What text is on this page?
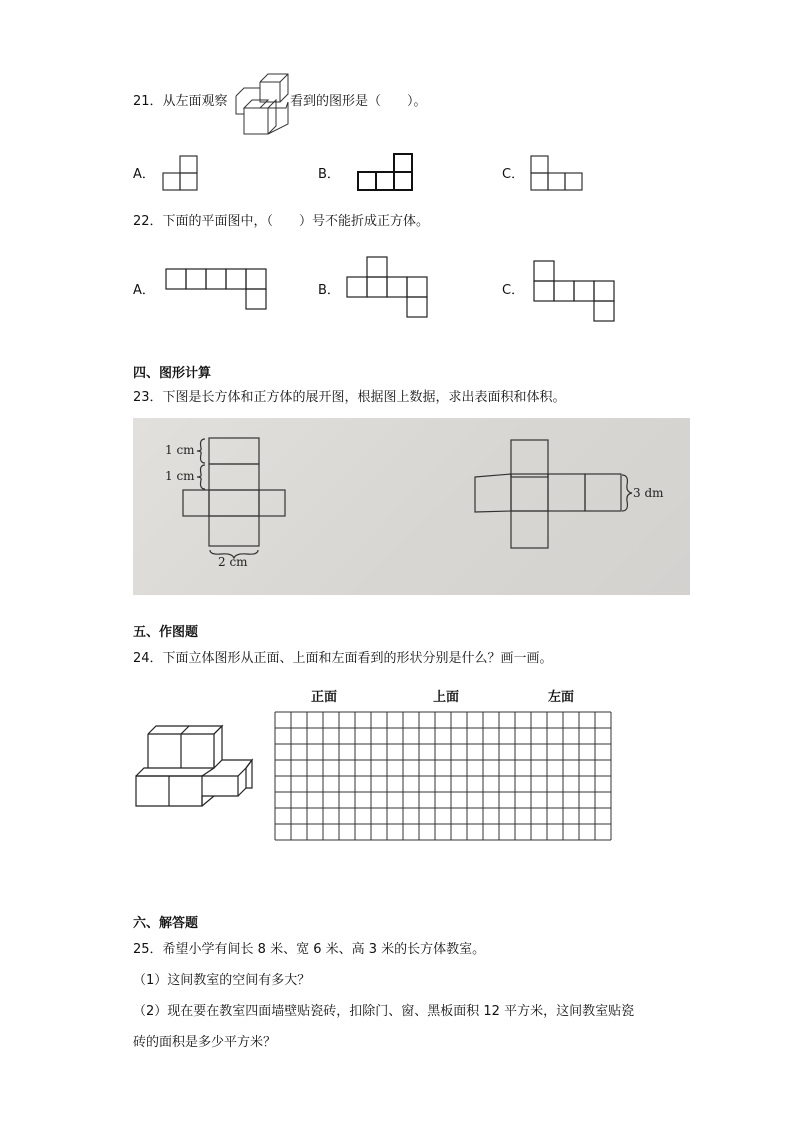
21．从左面观察	看到的图形是（　　）。
A．	B．	C．
22．下面的平面图中，（　　）号不能折成正方体。
A．	B．	C．
四、图形计算
23．下图是长方体和正方体的展开图，根据图上数据，求出表面积和体积。
1 cm
1 cm
2 cm
3 dm
五、作图题
24．下面立体图形从正面、上面和左面看到的形状分别是什么？画一画。
正面	上面	左面
六、解答题
25．希望小学有间长 8 米、宽 6 米、高 3 米的长方体教室。
（1）这间教室的空间有多大？
（2）现在要在教室四面墙壁贴瓷砖，扣除门、窗、黑板面积 12 平方米，这间教室贴瓷
砖的面积是多少平方米？
